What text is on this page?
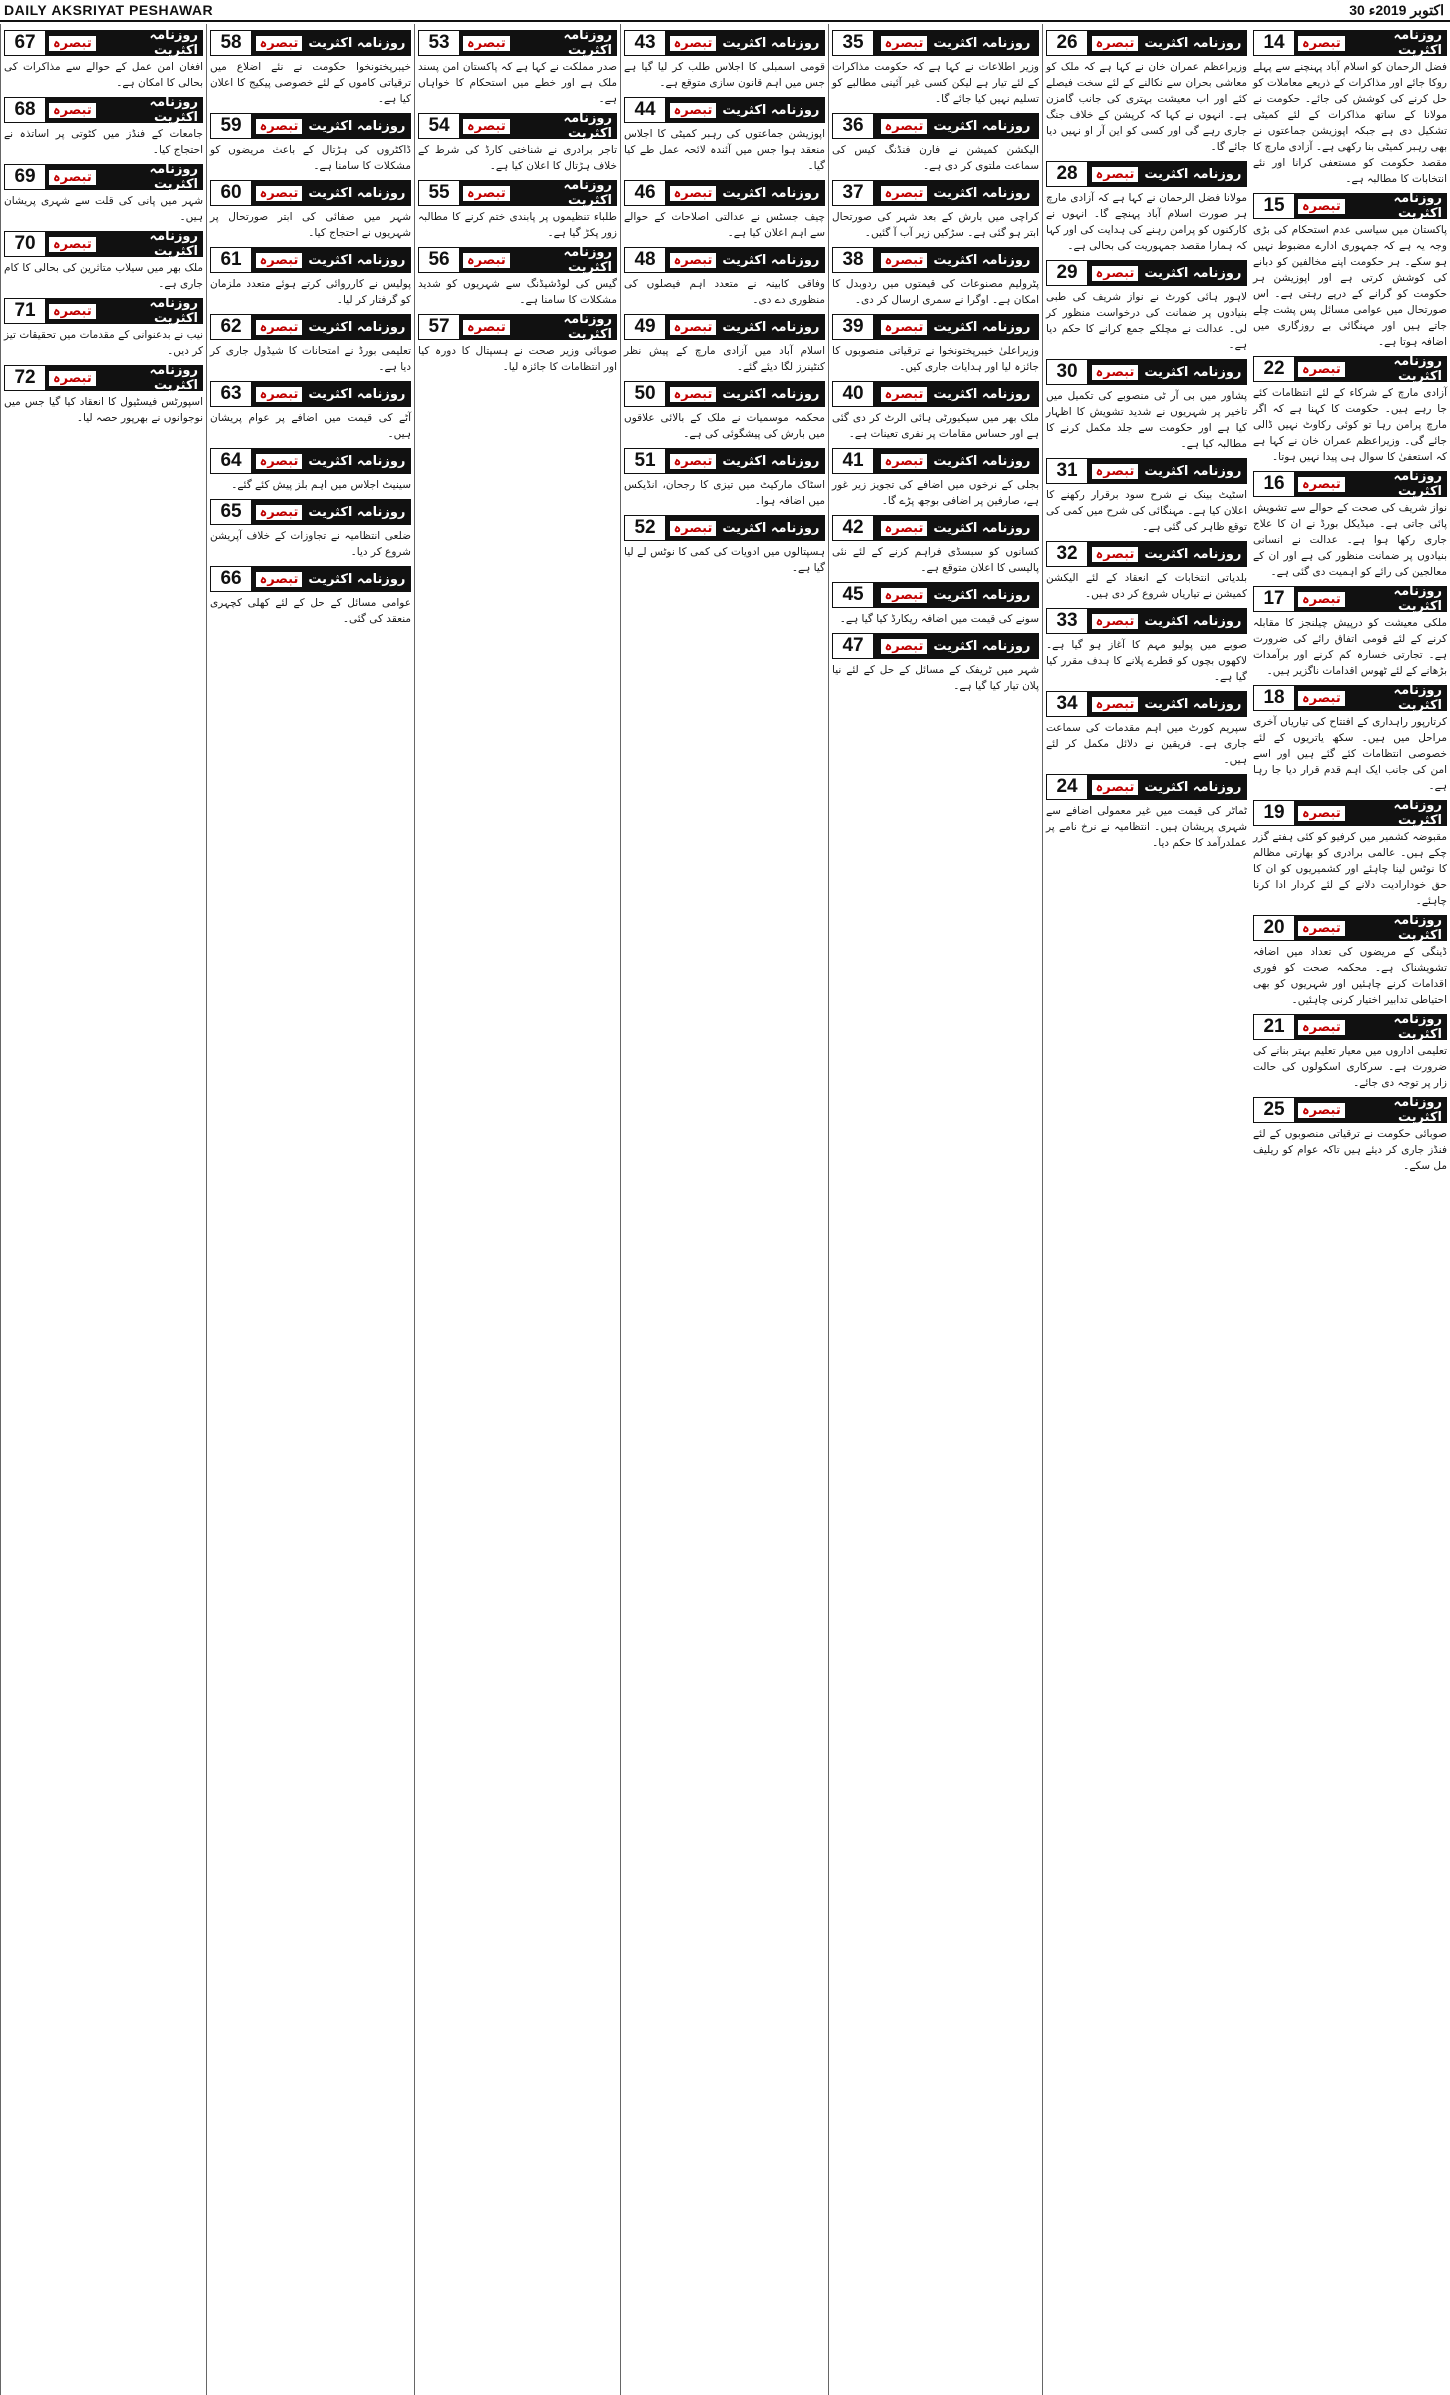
DAILY AKSRIYAT PESHAWAR	30 اکتوبر 2019ء
روزنامہ اکثریت
تبصرہ
14
فضل الرحمان کو اسلام آباد پہنچنے سے پہلے روکا جائے اور مذاکرات کے ذریعے معاملات کو حل کرنے کی کوشش کی جائے۔ حکومت نے مولانا کے ساتھ مذاکرات کے لئے کمیٹی تشکیل دی ہے جبکہ اپوزیشن جماعتوں نے بھی رہبر کمیٹی بنا رکھی ہے۔ آزادی مارچ کا مقصد حکومت کو مستعفی کرانا اور نئے انتخابات کا مطالبہ ہے۔
روزنامہ اکثریت
تبصرہ
15
پاکستان میں سیاسی عدم استحکام کی بڑی وجہ یہ ہے کہ جمہوری ادارے مضبوط نہیں ہو سکے۔ ہر حکومت اپنے مخالفین کو دبانے کی کوشش کرتی ہے اور اپوزیشن ہر حکومت کو گرانے کے درپے رہتی ہے۔ اس صورتحال میں عوامی مسائل پس پشت چلے جاتے ہیں اور مہنگائی بے روزگاری میں اضافہ ہوتا ہے۔
روزنامہ اکثریت
تبصرہ
22
آزادی مارچ کے شرکاء کے لئے انتظامات کئے جا رہے ہیں۔ حکومت کا کہنا ہے کہ اگر مارچ پرامن رہا تو کوئی رکاوٹ نہیں ڈالی جائے گی۔ وزیراعظم عمران خان نے کہا ہے کہ استعفیٰ کا سوال ہی پیدا نہیں ہوتا۔
روزنامہ اکثریت
تبصرہ
16
نواز شریف کی صحت کے حوالے سے تشویش پائی جاتی ہے۔ میڈیکل بورڈ نے ان کا علاج جاری رکھا ہوا ہے۔ عدالت نے انسانی بنیادوں پر ضمانت منظور کی ہے اور ان کے معالجین کی رائے کو اہمیت دی گئی ہے۔
روزنامہ اکثریت
تبصرہ
17
ملکی معیشت کو درپیش چیلنجز کا مقابلہ کرنے کے لئے قومی اتفاق رائے کی ضرورت ہے۔ تجارتی خسارہ کم کرنے اور برآمدات بڑھانے کے لئے ٹھوس اقدامات ناگزیر ہیں۔
روزنامہ اکثریت
تبصرہ
18
کرتارپور راہداری کے افتتاح کی تیاریاں آخری مراحل میں ہیں۔ سکھ یاتریوں کے لئے خصوصی انتظامات کئے گئے ہیں اور اسے امن کی جانب ایک اہم قدم قرار دیا جا رہا ہے۔
روزنامہ اکثریت
تبصرہ
19
مقبوضہ کشمیر میں کرفیو کو کئی ہفتے گزر چکے ہیں۔ عالمی برادری کو بھارتی مظالم کا نوٹس لینا چاہئے اور کشمیریوں کو ان کا حق خودارادیت دلانے کے لئے کردار ادا کرنا چاہئے۔
روزنامہ اکثریت
تبصرہ
20
ڈینگی کے مریضوں کی تعداد میں اضافہ تشویشناک ہے۔ محکمہ صحت کو فوری اقدامات کرنے چاہئیں اور شہریوں کو بھی احتیاطی تدابیر اختیار کرنی چاہئیں۔
روزنامہ اکثریت
تبصرہ
21
تعلیمی اداروں میں معیار تعلیم بہتر بنانے کی ضرورت ہے۔ سرکاری اسکولوں کی حالت زار پر توجہ دی جائے۔
روزنامہ اکثریت
تبصرہ
25
صوبائی حکومت نے ترقیاتی منصوبوں کے لئے فنڈز جاری کر دیئے ہیں تاکہ عوام کو ریلیف مل سکے۔
روزنامہ اکثریت
تبصرہ
26
وزیراعظم عمران خان نے کہا ہے کہ ملک کو معاشی بحران سے نکالنے کے لئے سخت فیصلے کئے اور اب معیشت بہتری کی جانب گامزن ہے۔ انہوں نے کہا کہ کرپشن کے خلاف جنگ جاری رہے گی اور کسی کو این آر او نہیں دیا جائے گا۔
روزنامہ اکثریت
تبصرہ
28
مولانا فضل الرحمان نے کہا ہے کہ آزادی مارچ ہر صورت اسلام آباد پہنچے گا۔ انہوں نے کارکنوں کو پرامن رہنے کی ہدایت کی اور کہا کہ ہمارا مقصد جمہوریت کی بحالی ہے۔
روزنامہ اکثریت
تبصرہ
29
لاہور ہائی کورٹ نے نواز شریف کی طبی بنیادوں پر ضمانت کی درخواست منظور کر لی۔ عدالت نے مچلکے جمع کرانے کا حکم دیا ہے۔
روزنامہ اکثریت
تبصرہ
30
پشاور میں بی آر ٹی منصوبے کی تکمیل میں تاخیر پر شہریوں نے شدید تشویش کا اظہار کیا ہے اور حکومت سے جلد مکمل کرنے کا مطالبہ کیا ہے۔
روزنامہ اکثریت
تبصرہ
31
اسٹیٹ بینک نے شرح سود برقرار رکھنے کا اعلان کیا ہے۔ مہنگائی کی شرح میں کمی کی توقع ظاہر کی گئی ہے۔
روزنامہ اکثریت
تبصرہ
32
بلدیاتی انتخابات کے انعقاد کے لئے الیکشن کمیشن نے تیاریاں شروع کر دی ہیں۔
روزنامہ اکثریت
تبصرہ
33
صوبے میں پولیو مہم کا آغاز ہو گیا ہے۔ لاکھوں بچوں کو قطرے پلانے کا ہدف مقرر کیا گیا ہے۔
روزنامہ اکثریت
تبصرہ
34
سپریم کورٹ میں اہم مقدمات کی سماعت جاری ہے۔ فریقین نے دلائل مکمل کر لئے ہیں۔
روزنامہ اکثریت
تبصرہ
24
ٹماٹر کی قیمت میں غیر معمولی اضافے سے شہری پریشان ہیں۔ انتظامیہ نے نرخ نامے پر عملدرآمد کا حکم دیا۔
روزنامہ اکثریت
تبصرہ
35
وزیر اطلاعات نے کہا ہے کہ حکومت مذاکرات کے لئے تیار ہے لیکن کسی غیر آئینی مطالبے کو تسلیم نہیں کیا جائے گا۔
روزنامہ اکثریت
تبصرہ
36
الیکشن کمیشن نے فارن فنڈنگ کیس کی سماعت ملتوی کر دی ہے۔
روزنامہ اکثریت
تبصرہ
37
کراچی میں بارش کے بعد شہر کی صورتحال ابتر ہو گئی ہے۔ سڑکیں زیر آب آ گئیں۔
روزنامہ اکثریت
تبصرہ
38
پٹرولیم مصنوعات کی قیمتوں میں ردوبدل کا امکان ہے۔ اوگرا نے سمری ارسال کر دی۔
روزنامہ اکثریت
تبصرہ
39
وزیراعلیٰ خیبرپختونخوا نے ترقیاتی منصوبوں کا جائزہ لیا اور ہدایات جاری کیں۔
روزنامہ اکثریت
تبصرہ
40
ملک بھر میں سیکیورٹی ہائی الرٹ کر دی گئی ہے اور حساس مقامات پر نفری تعینات ہے۔
روزنامہ اکثریت
تبصرہ
41
بجلی کے نرخوں میں اضافے کی تجویز زیر غور ہے، صارفین پر اضافی بوجھ پڑے گا۔
روزنامہ اکثریت
تبصرہ
42
کسانوں کو سبسڈی فراہم کرنے کے لئے نئی پالیسی کا اعلان متوقع ہے۔
روزنامہ اکثریت
تبصرہ
45
سونے کی قیمت میں اضافہ ریکارڈ کیا گیا ہے۔
روزنامہ اکثریت
تبصرہ
47
شہر میں ٹریفک کے مسائل کے حل کے لئے نیا پلان تیار کیا گیا ہے۔
روزنامہ اکثریت
تبصرہ
43
قومی اسمبلی کا اجلاس طلب کر لیا گیا ہے جس میں اہم قانون سازی متوقع ہے۔
روزنامہ اکثریت
تبصرہ
44
اپوزیشن جماعتوں کی رہبر کمیٹی کا اجلاس منعقد ہوا جس میں آئندہ لائحہ عمل طے کیا گیا۔
روزنامہ اکثریت
تبصرہ
46
چیف جسٹس نے عدالتی اصلاحات کے حوالے سے اہم اعلان کیا ہے۔
روزنامہ اکثریت
تبصرہ
48
وفاقی کابینہ نے متعدد اہم فیصلوں کی منظوری دے دی۔
روزنامہ اکثریت
تبصرہ
49
اسلام آباد میں آزادی مارچ کے پیش نظر کنٹینرز لگا دیئے گئے۔
روزنامہ اکثریت
تبصرہ
50
محکمہ موسمیات نے ملک کے بالائی علاقوں میں بارش کی پیشگوئی کی ہے۔
روزنامہ اکثریت
تبصرہ
51
اسٹاک مارکیٹ میں تیزی کا رجحان، انڈیکس میں اضافہ ہوا۔
روزنامہ اکثریت
تبصرہ
52
ہسپتالوں میں ادویات کی کمی کا نوٹس لے لیا گیا ہے۔
روزنامہ اکثریت
تبصرہ
53
صدر مملکت نے کہا ہے کہ پاکستان امن پسند ملک ہے اور خطے میں استحکام کا خواہاں ہے۔
روزنامہ اکثریت
تبصرہ
54
تاجر برادری نے شناختی کارڈ کی شرط کے خلاف ہڑتال کا اعلان کیا ہے۔
روزنامہ اکثریت
تبصرہ
55
طلباء تنظیموں پر پابندی ختم کرنے کا مطالبہ زور پکڑ گیا ہے۔
روزنامہ اکثریت
تبصرہ
56
گیس کی لوڈشیڈنگ سے شہریوں کو شدید مشکلات کا سامنا ہے۔
روزنامہ اکثریت
تبصرہ
57
صوبائی وزیر صحت نے ہسپتال کا دورہ کیا اور انتظامات کا جائزہ لیا۔
روزنامہ اکثریت
تبصرہ
58
خیبرپختونخوا حکومت نے نئے اضلاع میں ترقیاتی کاموں کے لئے خصوصی پیکیج کا اعلان کیا ہے۔
روزنامہ اکثریت
تبصرہ
59
ڈاکٹروں کی ہڑتال کے باعث مریضوں کو مشکلات کا سامنا ہے۔
روزنامہ اکثریت
تبصرہ
60
شہر میں صفائی کی ابتر صورتحال پر شہریوں نے احتجاج کیا۔
روزنامہ اکثریت
تبصرہ
61
پولیس نے کارروائی کرتے ہوئے متعدد ملزمان کو گرفتار کر لیا۔
روزنامہ اکثریت
تبصرہ
62
تعلیمی بورڈ نے امتحانات کا شیڈول جاری کر دیا ہے۔
روزنامہ اکثریت
تبصرہ
63
آٹے کی قیمت میں اضافے پر عوام پریشان ہیں۔
روزنامہ اکثریت
تبصرہ
64
سینیٹ اجلاس میں اہم بلز پیش کئے گئے۔
روزنامہ اکثریت
تبصرہ
65
ضلعی انتظامیہ نے تجاوزات کے خلاف آپریشن شروع کر دیا۔
روزنامہ اکثریت
تبصرہ
66
عوامی مسائل کے حل کے لئے کھلی کچہری منعقد کی گئی۔
روزنامہ اکثریت
تبصرہ
67
افغان امن عمل کے حوالے سے مذاکرات کی بحالی کا امکان ہے۔
روزنامہ اکثریت
تبصرہ
68
جامعات کے فنڈز میں کٹوتی پر اساتذہ نے احتجاج کیا۔
روزنامہ اکثریت
تبصرہ
69
شہر میں پانی کی قلت سے شہری پریشان ہیں۔
روزنامہ اکثریت
تبصرہ
70
ملک بھر میں سیلاب متاثرین کی بحالی کا کام جاری ہے۔
روزنامہ اکثریت
تبصرہ
71
نیب نے بدعنوانی کے مقدمات میں تحقیقات تیز کر دیں۔
روزنامہ اکثریت
تبصرہ
72
اسپورٹس فیسٹیول کا انعقاد کیا گیا جس میں نوجوانوں نے بھرپور حصہ لیا۔
